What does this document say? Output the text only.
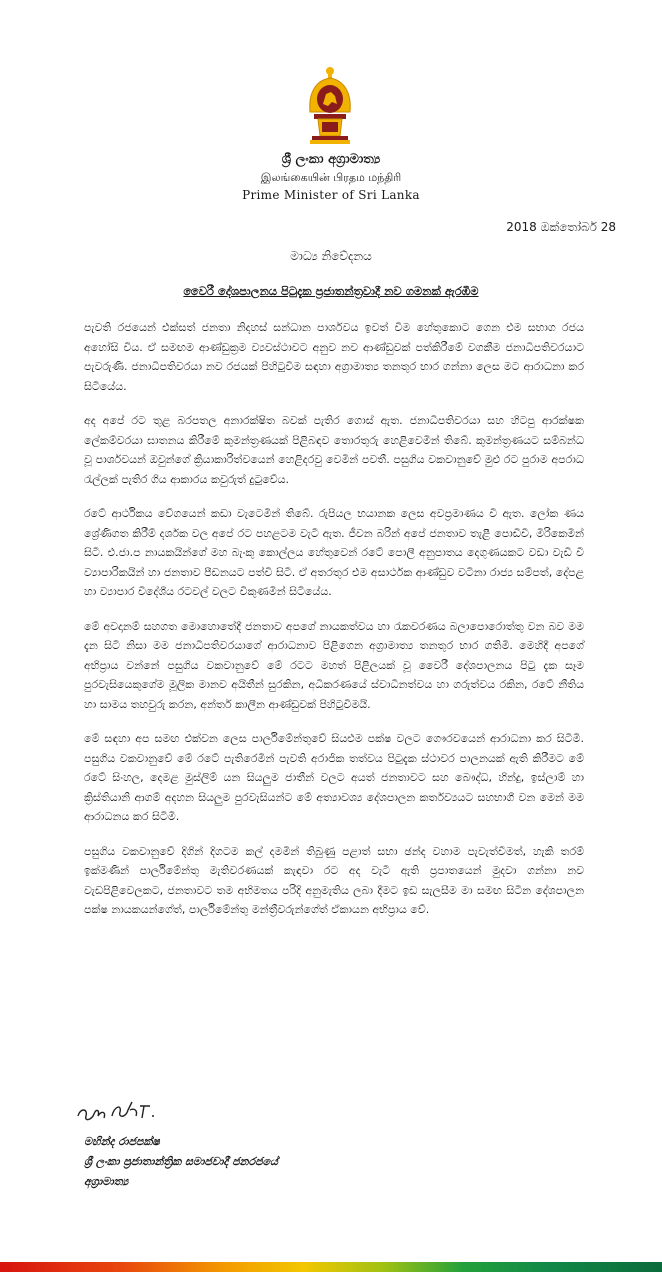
ශ්‍රී ලංකා අග්‍රාමාත්‍ය
இலங்கையின் பிரதம மந்திரி
Prime Minister of Sri Lanka
2018 ඔක්තෝබර් 28
මාධ්‍ය නිවේදනය
වෛරී දේශපාලනය පිටුදැක ප්‍රජාතන්ත්‍රවාදී නව ගමනක් ඇරඹීම

පැවති රජයෙන් එක්සත් ජනතා නිදහස් සන්ධාන පාර්ශවය ඉවත් වීම හේතුකොට ගෙන එම සභාග රජය අහෝසි විය. ඒ සමඟම ආණ්ඩුක්‍රම ව්‍යවස්ථාවට අනුව නව ආණ්ඩුවක් පත්කිරීමේ වගකීම ජනාධිපතිවරයාට පැවරුණි. ජනාධිපතිවරයා නව රජයක් පිහිටුවීම සඳහා අග්‍රාමාත්‍ය තනතුර භාර ගන්නා ලෙස මට ආරාධනා කර සිටියේය.

අද අපේ රට තුළ බරපතල අනාරක්ෂිත බවක් පැතිර ගොස් ඇත. ජනාධිපතිවරයා සහ හිටපු ආරක්ෂක ලේකම්වරයා ඝාතනය කිරීමේ කුමන්ත්‍රණයක් පිළිබඳව තොරතුරු හෙළිවෙමින් තිබේ. කුමන්ත්‍රණයට සම්බන්ධ වූ පාර්ශවයන් ඔවුන්ගේ ක්‍රියාකාරිත්වයෙන් හෙළිදරවු වෙමින් පවතී. පසුගිය වකවානුවේ මුළු රට පුරාම අපරාධ රැල්ලක් පැතිර ගිය ආකාරය කවුරුත් දුටුවේය.

රටේ ආර්ථිකය වේගයෙන් කඩා වැටෙමින් තිබේ. රුපියල භයානක ලෙස අවප්‍රමාණය වී ඇත. ලෝක ණය ශ්‍රේණිගත කිරීම් දර්ශක වල අපේ රට පහළටම වැටී ඇත. ජීවන බරින් අපේ ජනතාව තැළී පොඩිවී, මිරිකෙමින් සිටී. එ.ජා.ප නායකයින්ගේ මහ බැංකු කොල්ලය හේතුවෙන් රටේ පොලී අනුපාතය දෙගුණයකට වඩා වැඩි වී ව්‍යාපාරිකයින් හා ජනතාව පීඩනයට පත්වී සිටී. ඒ අතරතුර එම අසාර්ථක ආණ්ඩුව වටිනා රාජ්‍ය සම්පත්, දේපළ හා ව්‍යාපාර විදේශීය රටවල් වලට විකුණමින් සිටියේය.

මේ අවදානම් සහගත මොහොතේදී ජනතාව අපගේ නායකත්වය හා රැකවරණය බලාපොරොත්තු වන බව මම දැන සිටි නිසා මම ජනාධිපතිවරයාගේ ආරාධනාව පිළිගෙන අග්‍රාමාත්‍ය තනතුර භාර ගතිමි. මෙහිදී අපගේ අභිප්‍රාය වන්නේ පසුගිය වකවානුවේ මේ රටට මහත් පිළිලයක් වූ වෛරී දේශපාලනය පිටු දැක සෑම පුරවැසියෙකුගේම මූලික මානව අයිතීන් සුරකින, අධිකරණයේ ස්වාධීනත්වය හා ගරුත්වය රකින, රටේ නීතිය හා සාමය තහවුරු කරන, අන්තර් කාලීන ආණ්ඩුවක් පිහිටුවීමයි.

මේ සඳහා අප සමඟ එක්වන ලෙස පාර්ලිමේන්තුවේ සියළුම පක්ෂ වලට ගෞරවයෙන් ආරාධනා කර සිටිමි. පසුගිය වකවානුවේ මේ රටේ පැතිරෙමින් පැවති අරාජික තත්වය පිටුදැක ස්ථාවර පාලනයක් ඇති කිරීමට මේ රටේ සිංහල, දෙමළ මුස්ලිම් යන සියලුම ජාතීන් වලට අයත් ජනතාවට සහ බෞද්ධ, හින්දු, ඉස්ලාම් හා ක්‍රිස්තියානි ආගම් අදහන සියලුම පුරවැසියන්ට මේ අත්‍යාවශ්‍ය දේශපාලන කර්තව්‍යයට සහභාගී වන මෙන් මම ආරාධනය කර සිටිමි.

පසුගිය වකවානුවේ දිගින් දිගටම කල් දමමින් තිබුණු පළාත් සභා ඡන්ද වහාම පැවැත්වීමත්, හැකි තරම් ඉක්මණින් පාර්ලිමේන්තු මැතිවරණයක් කැඳවා රට අද වැටී ඇති ප්‍රපාතයෙන් මුදවා ගන්නා නව වැඩපිළිවෙලකට, ජනතාවට තම අභිමතය පරිදි අනුමැතිය ලබා දීමට ඉඩ සැලසීම මා සමඟ සිටින දේශපාලන පක්ෂ නායකයන්ගේත්, පාර්ලිමේන්තු මන්ත්‍රීවරුන්ගේත් ඒකායන අභිප්‍රාය වේ.

මහින්ද රාජපක්ෂ
ශ්‍රී ලංකා ප්‍රජාතාන්ත්‍රික සමාජවාදී ජනරජයේ
අග්‍රාමාත්‍ය
